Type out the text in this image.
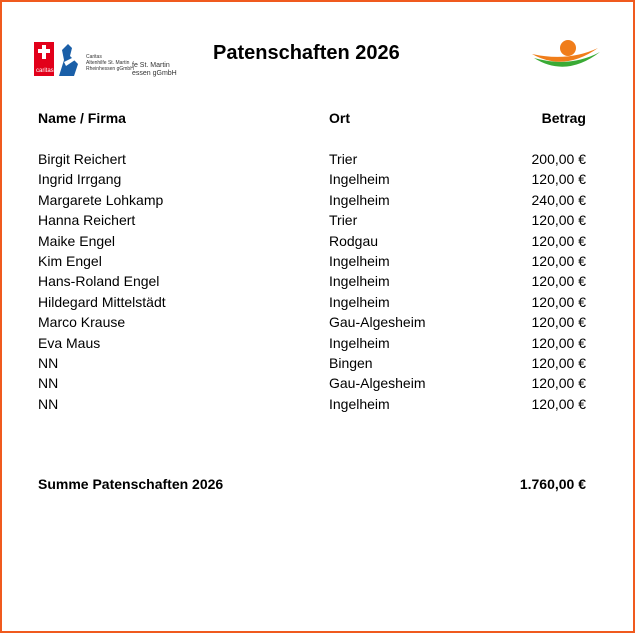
caritas
Caritas
Altenhilfe St. Martin
Rheinhessen gGmbH
fe St. Martin
essen gGmbH
Patenschaften 2026
Name / Firma	Ort	Betrag
Birgit Reichert	Trier	200,00 €
Ingrid Irrgang	Ingelheim	120,00 €
Margarete Lohkamp	Ingelheim	240,00 €
Hanna Reichert	Trier	120,00 €
Maike Engel	Rodgau	120,00 €
Kim Engel	Ingelheim	120,00 €
Hans-Roland Engel	Ingelheim	120,00 €
Hildegard Mittelstädt	Ingelheim	120,00 €
Marco Krause	Gau-Algesheim	120,00 €
Eva Maus	Ingelheim	120,00 €
NN	Bingen	120,00 €
NN	Gau-Algesheim	120,00 €
NN	Ingelheim	120,00 €
Summe Patenschaften 2026	1.760,00 €
